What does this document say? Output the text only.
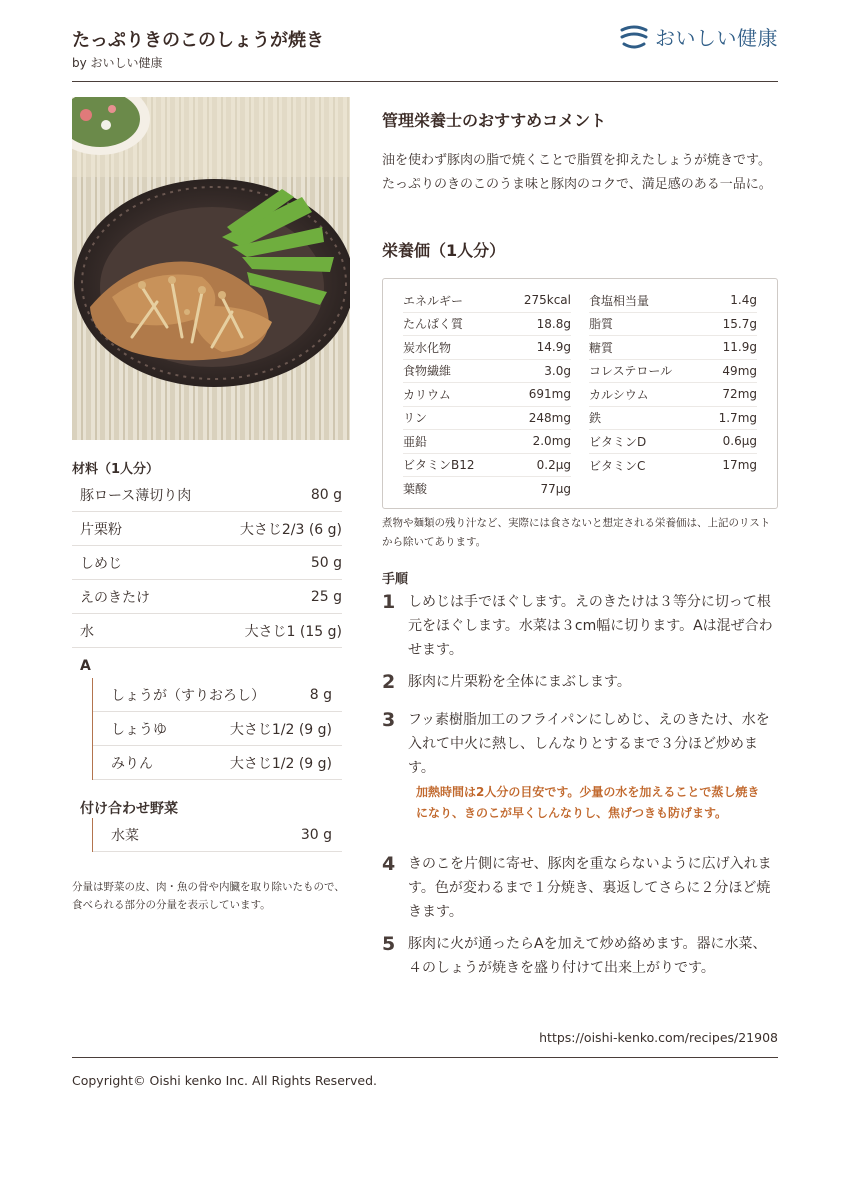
たっぷりきのこのしょうが焼き
by おいしい健康
おいしい健康
材料（1人分）
豚ロース薄切り肉	80 g
片栗粉	大さじ2/3 (6 g)
しめじ	50 g
えのきたけ	25 g
水	大さじ1 (15 g)
A
しょうが（すりおろし）	8 g
しょうゆ	大さじ1/2 (9 g)
みりん	大さじ1/2 (9 g)
付け合わせ野菜
水菜	30 g
分量は野菜の皮、肉・魚の骨や内臓を取り除いたもので、 食べられる部分の分量を表示しています。
管理栄養士のおすすめコメント
油を使わず豚肉の脂で焼くことで脂質を抑えたしょうが焼きです。たっぷりのきのこのうま味と豚肉のコクで、満足感のある一品に。
栄養価（1人分）
エネルギー	275kcal
たんぱく質	18.8g
炭水化物	14.9g
食物繊維	3.0g
カリウム	691mg
リン	248mg
亜鉛	2.0mg
ビタミンB12	0.2µg
葉酸	77µg
食塩相当量	1.4g
脂質	15.7g
糖質	11.9g
コレステロール	49mg
カルシウム	72mg
鉄	1.7mg
ビタミンD	0.6µg
ビタミンC	17mg
煮物や麺類の残り汁など、実際には食さないと想定される栄養価は、上記のリストから除いてあります。
手順
1 しめじは手でほぐします。えのきたけは３等分に切って根元をほぐします。水菜は３cm幅に切ります。Aは混ぜ合わせます。
2 豚肉に片栗粉を全体にまぶします。
3 フッ素樹脂加工のフライパンにしめじ、えのきたけ、水を入れて中火に熱し、しんなりとするまで３分ほど炒めます。
加熱時間は2人分の目安です。少量の水を加えることで蒸し焼きになり、きのこが早くしんなりし、焦げつきも防げます。
4 きのこを片側に寄せ、豚肉を重ならないように広げ入れます。色が変わるまで１分焼き、裏返してさらに２分ほど焼きます。
5 豚肉に火が通ったらAを加えて炒め絡めます。器に水菜、４のしょうが焼きを盛り付けて出来上がりです。
https://oishi-kenko.com/recipes/21908
Copyright© Oishi kenko Inc. All Rights Reserved.
